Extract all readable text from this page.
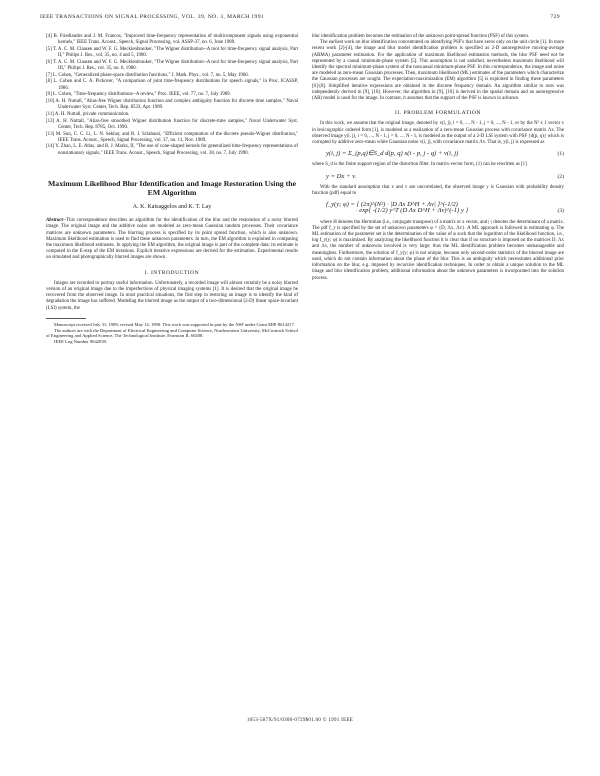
IEEE TRANSACTIONS ON SIGNAL PROCESSING, VOL. 39, NO. 3, MARCH 1991	729

[4] B. Friedlander and J. M. Francos, "Improved time-frequency representation of multicomponent signals using exponential kernels," IEEE Trans. Acoust., Speech, Signal Processing, vol. ASSP-37, no. 6, June 1989.

[5] T. A. C. M. Claasen and W. F. G. Mecklenbrauker, "The Wigner distribution--A tool for time-frequency signal analysis, Part II," Philips J. Res., vol. 35, no. 4 and 5, 1980.

[6] T. A. C. M. Claasen and W. F. G. Mecklenbrauker, "The Wigner distribution--A tool for time-frequency signal analysis, Part III," Philips J. Res., vol. 35, no. 6, 1980.

[7] L. Cohen, "Generalized phase-space distribution functions," J. Math. Phys., vol. 7, no. 5, May 1966.

[8] L. Cohen and C. A. Pickover, "A comparison of joint time-frequency distributions for speech signals," in Proc. ICASSP, 1986.

[9] L. Cohen, "Time-frequency distributions--A review," Proc. IEEE, vol. 77, no. 7, July 1989.

[10] A. H. Nuttall, "Alias-free Wigner distribution function and complex ambiguity function for discrete time samples," Naval Underwater Syst. Center, Tech. Rep. 8533, Apr. 1989.

[11] A. H. Nuttall, private communication.

[12] A. H. Nuttall, "Alias-free smoothed Wigner distribution function for discrete-time samples," Naval Underwater Syst. Center, Tech. Rep. 8785, Oct. 1990.

[13] M. Sun, C. C. Li, L. N. Sekhar, and R. J. Sclabassi, "Efficient computation of the discrete pseudo-Wigner distribution," IEEE Trans. Acoust., Speech, Signal Processing, vol. 37, no. 11, Nov. 1989.

[14] Y. Zhao, L. E. Atlas, and R. J. Marks, II, "The use of cone-shaped kernels for generalized time-frequency representations of nonstationary signals," IEEE Trans. Acoust., Speech, Signal Processing, vol. 38, no. 7, July 1990.

Maximum Likelihood Blur Identification and Image Restoration Using the EM Algorithm
A. K. Katsaggelos and K. T. Lay

Abstract--This correspondence describes an algorithm for the identification of the blur and the restoration of a noisy blurred image. The original image and the additive noise are modeled as zero-mean Gaussian random processes. Their covariance matrices are unknown parameters. The blurring process is specified by its point spread function, which is also unknown. Maximum likelihood estimation is used to find these unknown parameters. In turn, the EM algorithm is exploited in computing the maximum likelihood estimates. In applying the EM algorithm, the original image is part of the complete data; its estimate is computed in the E-step of the EM iterations. Explicit iterative expressions are derived for the estimation. Experimental results on simulated and photographically blurred images are shown.

I. INTRODUCTION

Images are recorded to portray useful information. Unfortunately, a recorded image will almost certainly be a noisy blurred version of an original image due to the imperfections of physical imaging systems [1]. It is desired that the original image be recovered from the observed image. In most practical situations, the first step in restoring an image is to identify the kind of degradation the image has suffered. Modeling the blurred image as the output of a two-dimensional (2-D) linear space-invariant (LSI) system, the

Manuscript received July 31, 1989; revised May 14, 1990. This work was supported in part by the NSF under Grant MIP-8614217.

The authors are with the Department of Electrical Engineering and Computer Science, Northwestern University, McCormick School of Engineering and Applied Science, The Technological Institute, Evanston IL 60208.

IEEE Log Number 9042039.

blur identification problem becomes the estimation of the unknown point-spread function (PSF) of this system.

The earliest work on blur identification concentrated on identifying PSF's that have zeros only on the unit circle [1]. In more recent work [2]-[4], the image and blur model identification problem is specified as 2-D autoregressive moving-average (ARMA) parameter estimation. For the application of maximum likelihood estimation methods, the blur PSF need not be represented by a causal minimum-phase system [5]. This assumption is not satisfied, nevertheless maximum likelihood will identify the spectral minimum-phase system of the noncausal minimum-phase PSF. In this correspondence, the image and noise are modeled as zero-mean Gaussian processes. Then, maximum likelihood (ML) estimates of the parameters which characterize the Gaussian processes are sought. The expectation-maximization (EM) algorithm [5] is exploited in finding these parameters [6]-[8]. Simplified iterative expressions are obtained in the discrete frequency domain. An algorithm similar to ours was independently derived in [9], [10]. However, the algorithm in [9], [10] is derived in the spatial domain and an autoregressive (AR) model is used for the image. In contrast, it assumes that the support of the PSF is known in advance.

II. PROBLEM FORMULATION

In this work, we assume that the original image, denoted by x(i, j), i = 0, ..., N - 1, j = 0, ..., N - 1, or by the N² x 1 vector x in lexicographic ordered form [1], is modeled as a realization of a zero-mean Gaussian process with covariance matrix Λx. The observed image y(i, j), i = 0, ..., N - 1, j = 0, ..., N - 1, is modeled as the output of a 2-D LSI system with PSF {d(p, q)} which is corrupted by additive zero-mean white Gaussian noise v(i, j), with covariance matrix Λv. That is, y(i, j) is expressed as

y(i, j) = Σ_(p,q)∈S_d d(p, q) x(i - p, j - q) + v(i, j)	(1)

where S_d is the finite support region of the distortion filter. In matrix-vector form, (1) can be rewritten as [1]

y = Dx + v.	(2)

With the standard assumption that x and v are uncorrelated, the observed image y is Gaussian with probability density function (pdf) equal to

f_y(y; φ) = [ (2π)^(N²) · |D Λx D^H + Λv| ]^(-1/2)
· exp{ -(1/2) y^T (D Λx D^H + Λv)^(-1) y }	(3)

where H denotes the Hermitian (i.e., conjugate transpose) of a matrix or a vector, and |·| denotes the determinant of a matrix. The pdf f_y is specified by the set of unknown parameters φ = {D, Λx, Λv}. A ML approach is followed in estimating φ. The ML estimation of the parameter set is the determination of the value of φ such that the logarithm of the likelihood function, i.e., log f_y(y; φ) is maximized. By analyzing the likelihood function it is clear that if no structure is imposed on the matrices D, Λx and Λv, the number of unknowns involved is very large; thus the ML identification problem becomes unmanageable and meaningless. Furthermore, the solution of f_y(y; φ) is not unique, because only second-order statistics of the blurred image are used, which do not contain information about the phase of the blur. This is an ambiguity which necessitates additional prior information on the blur, e.g. imposed by recursive identification techniques. In order to obtain a unique solution to the ML image and blur identification problem, additional information about the unknown parameters is incorporated into the solution process.

1053-587X/91/0300-0729$01.00 © 1991 IEEE
